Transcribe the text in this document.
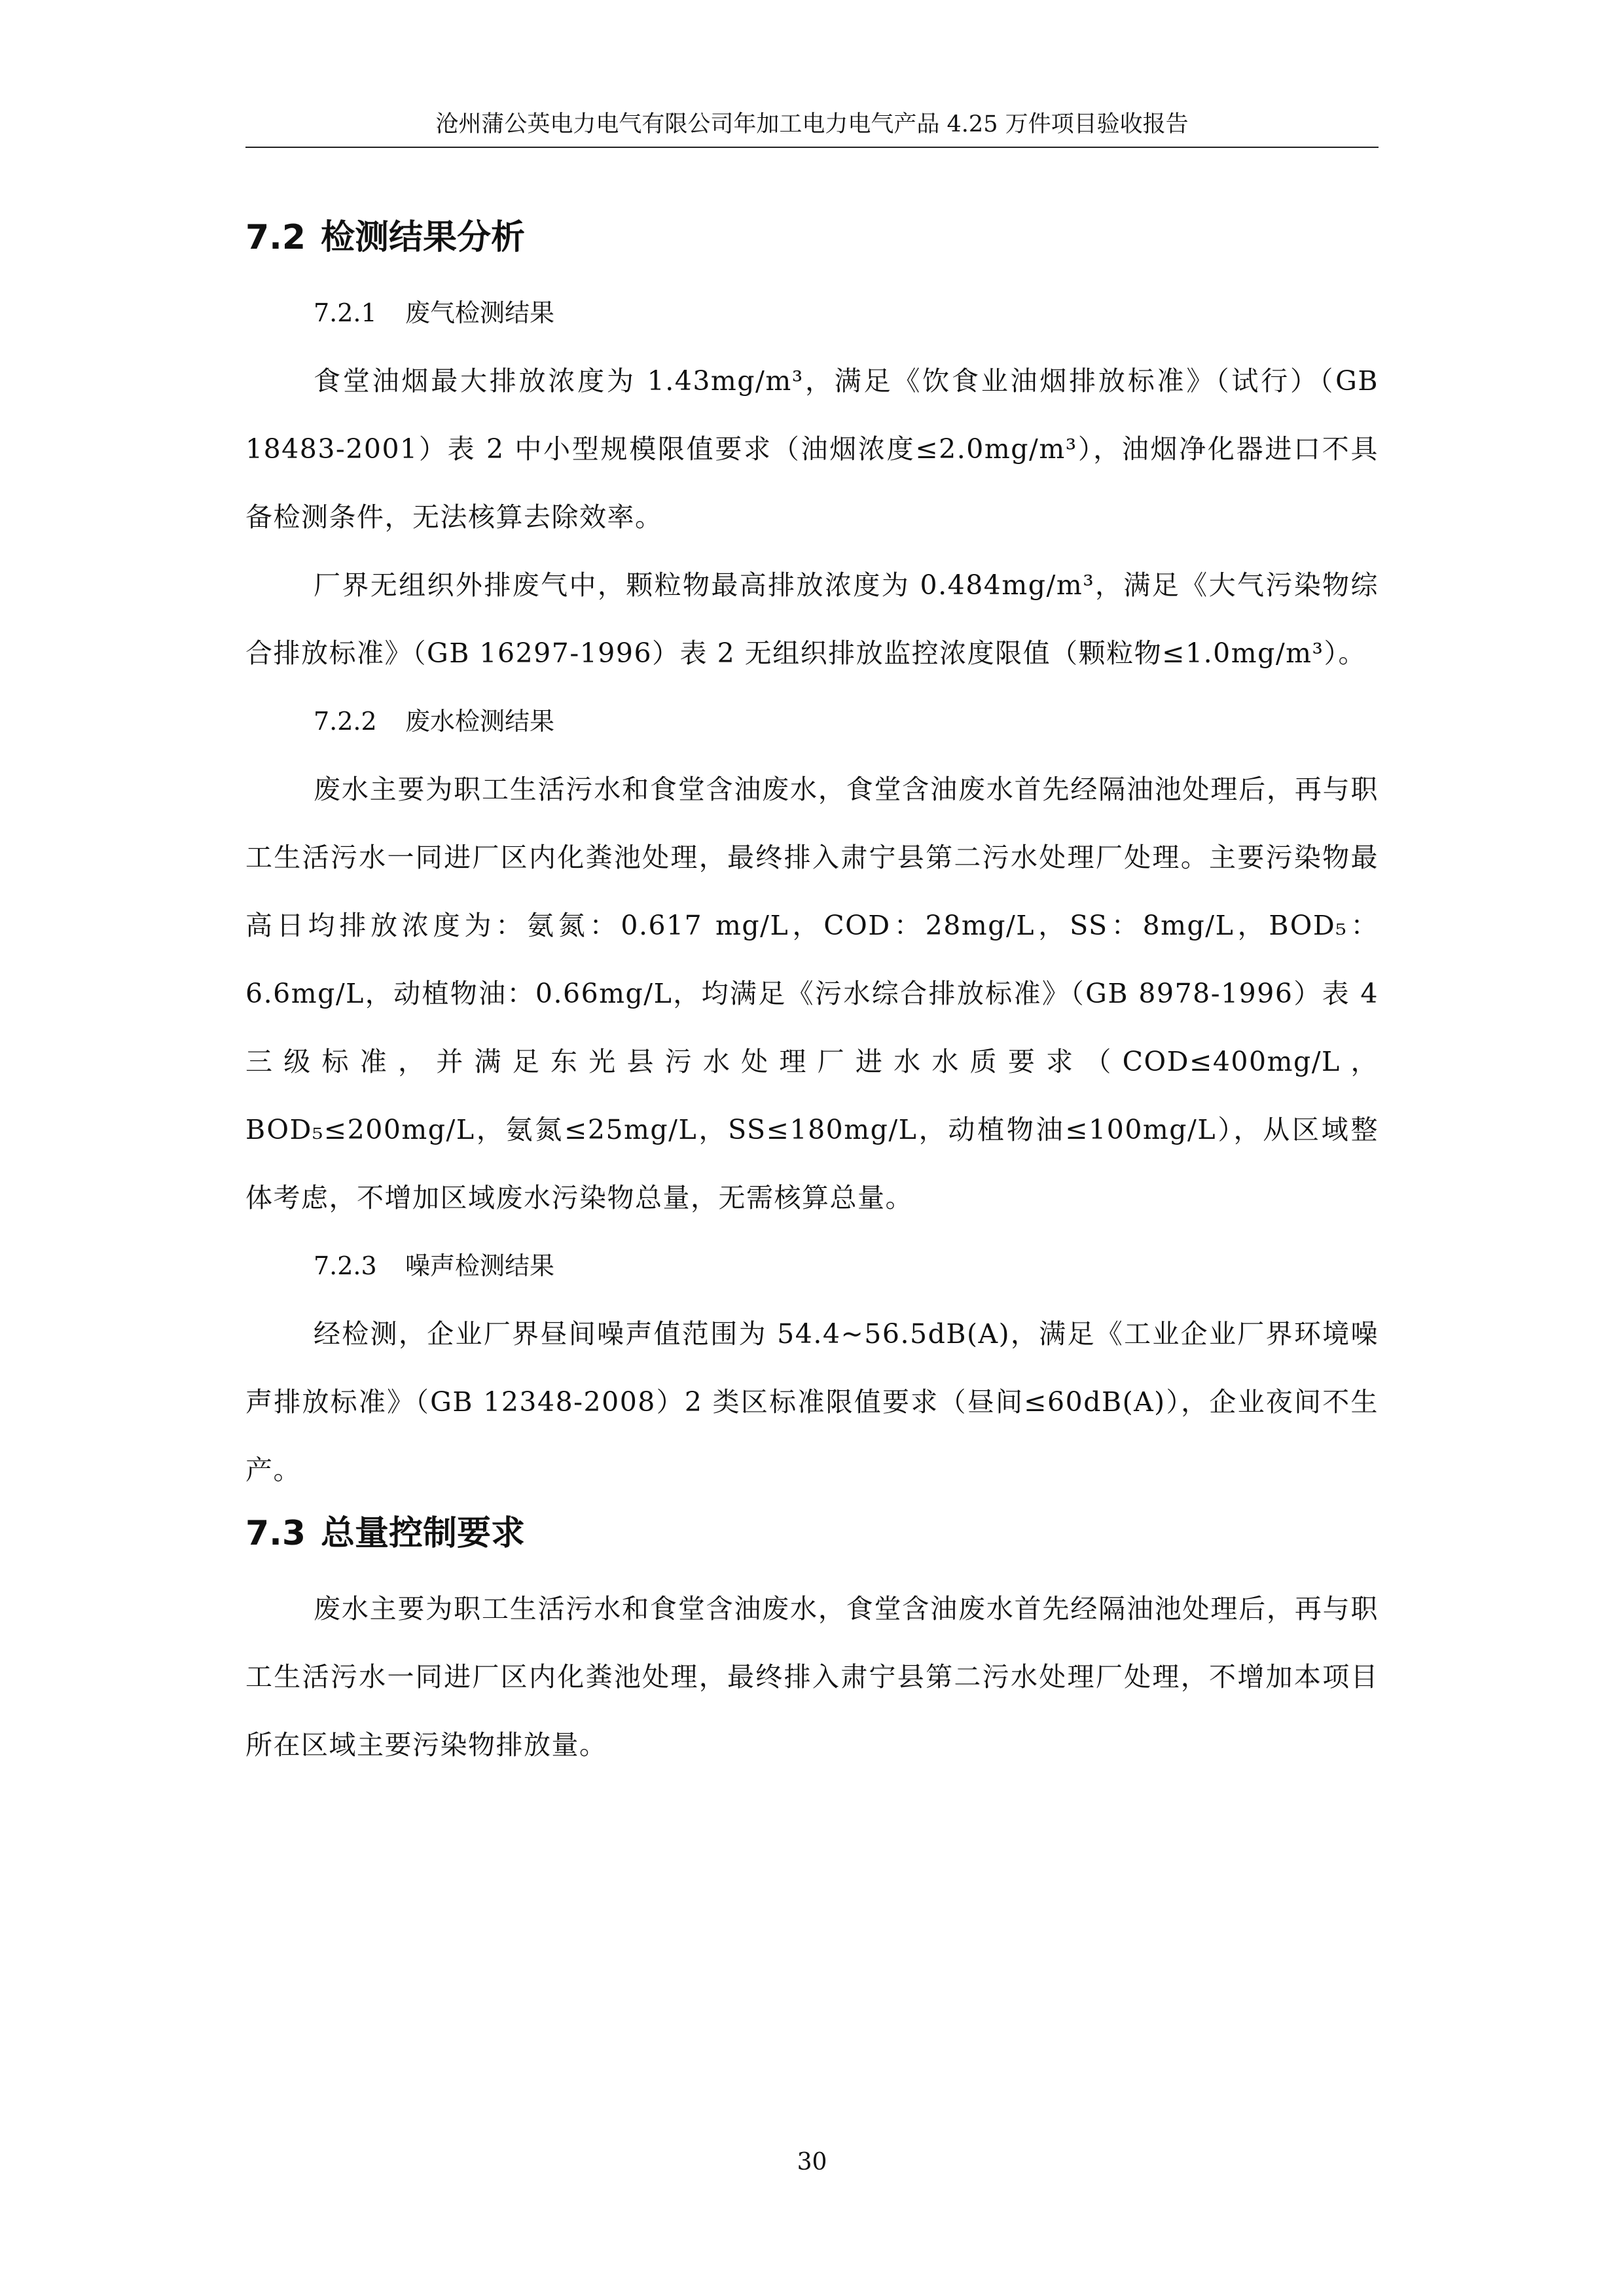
沧州蒲公英电力电气有限公司年加工电力电气产品 4.25 万件项目验收报告
7.2 检测结果分析
7.2.1 废气检测结果

食堂油烟最大排放浓度为 1.43mg/m³，满足《饮食业油烟排放标准》（试行）（GB 18483-2001）表 2 中小型规模限值要求（油烟浓度≤2.0mg/m³），油烟净化器进口不具备检测条件，无法核算去除效率。

厂界无组织外排废气中，颗粒物最高排放浓度为 0.484mg/m³，满足《大气污染物综合排放标准》（GB 16297-1996）表 2 无组织排放监控浓度限值（颗粒物≤1.0mg/m³）。

7.2.2 废水检测结果

废水主要为职工生活污水和食堂含油废水，食堂含油废水首先经隔油池处理后，再与职工生活污水一同进厂区内化粪池处理，最终排入肃宁县第二污水处理厂处理。主要污染物最高日均排放浓度为：氨氮：0.617 mg/L，COD：28mg/L，SS：8mg/L，BOD₅：6.6mg/L，动植物油：0.66mg/L，均满足《污水综合排放标准》（GB 8978-1996）表 4 三级标准，并满足东光县污水处理厂进水水质要求（COD≤400mg/L，BOD₅≤200mg/L，氨氮≤25mg/L，SS≤180mg/L，动植物油≤100mg/L），从区域整体考虑，不增加区域废水污染物总量，无需核算总量。

7.2.3 噪声检测结果

经检测，企业厂界昼间噪声值范围为 54.4~56.5dB(A)，满足《工业企业厂界环境噪声排放标准》（GB 12348-2008）2 类区标准限值要求（昼间≤60dB(A)），企业夜间不生产。

7.3 总量控制要求

废水主要为职工生活污水和食堂含油废水，食堂含油废水首先经隔油池处理后，再与职工生活污水一同进厂区内化粪池处理，最终排入肃宁县第二污水处理厂处理，不增加本项目所在区域主要污染物排放量。

30
